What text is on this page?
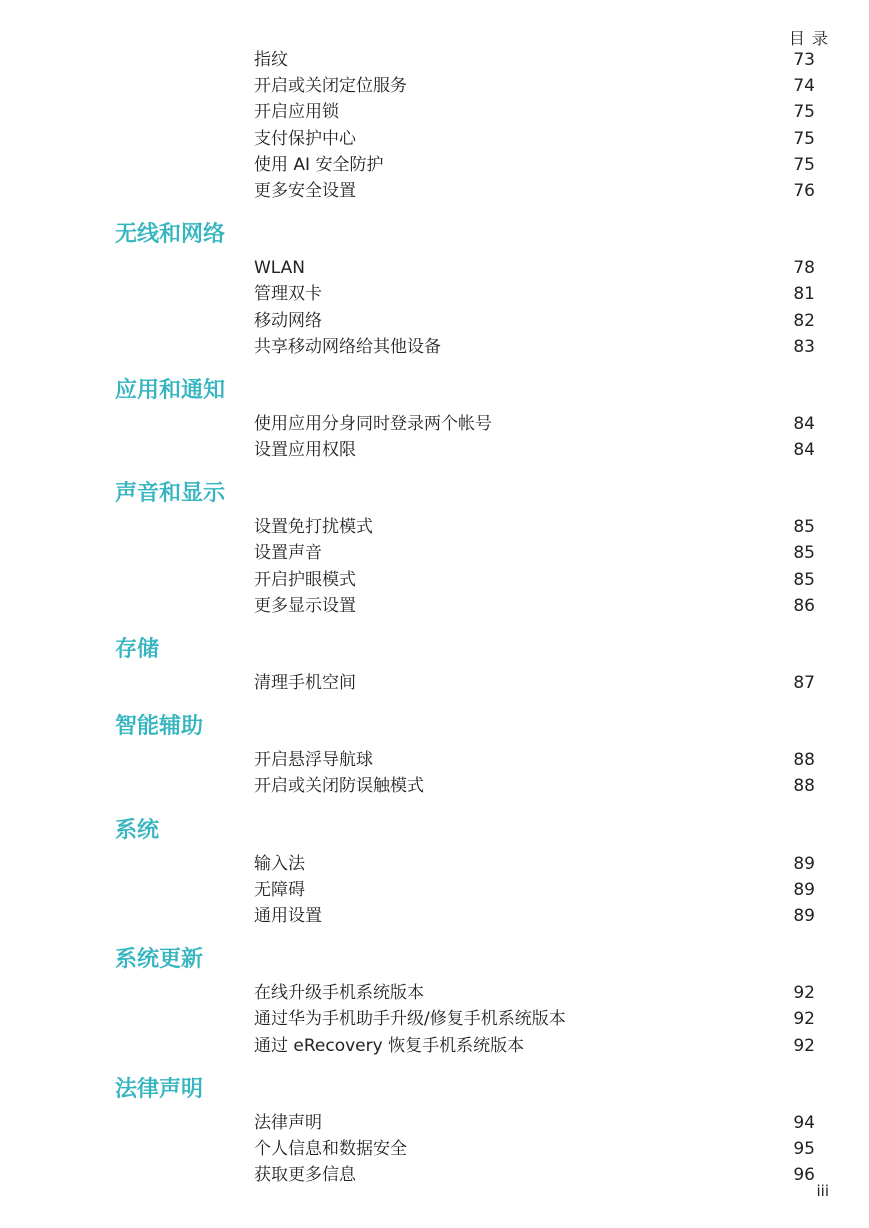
目 录
指纹	73
开启或关闭定位服务	74
开启应用锁	75
支付保护中心	75
使用 AI 安全防护	75
更多安全设置	76
无线和网络
WLAN	78
管理双卡	81
移动网络	82
共享移动网络给其他设备	83
应用和通知
使用应用分身同时登录两个帐号	84
设置应用权限	84
声音和显示
设置免打扰模式	85
设置声音	85
开启护眼模式	85
更多显示设置	86
存储
清理手机空间	87
智能辅助
开启悬浮导航球	88
开启或关闭防误触模式	88
系统
输入法	89
无障碍	89
通用设置	89
系统更新
在线升级手机系统版本	92
通过华为手机助手升级/修复手机系统版本	92
通过 eRecovery 恢复手机系统版本	92
法律声明
法律声明	94
个人信息和数据安全	95
获取更多信息	96
iii
